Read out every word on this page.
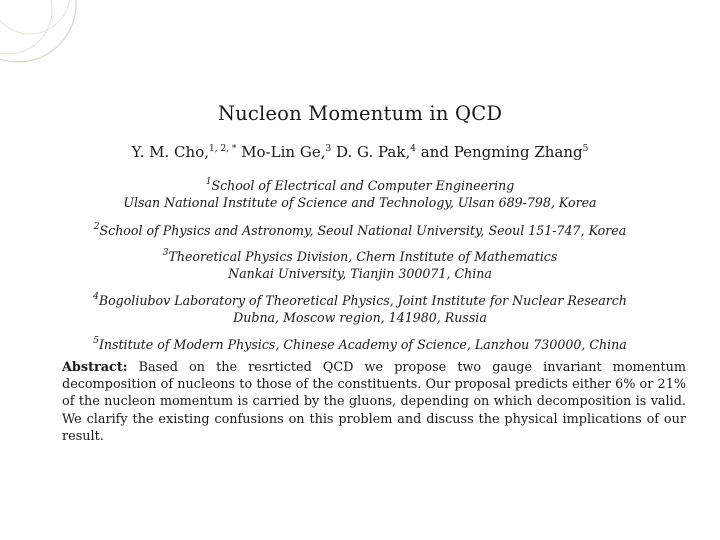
Nucleon Momentum in QCD
Y. M. Cho,$^{1, 2, *}$ Mo-Lin Ge,$^3$ D. G. Pak,$^4$ and Pengming Zhang$^5$
$^1$School of Electrical and Computer Engineering
Ulsan National Institute of Science and Technology, Ulsan 689-798, Korea
$^2$School of Physics and Astronomy, Seoul National University, Seoul 151-747, Korea
$^3$Theoretical Physics Division, Chern Institute of Mathematics
Nankai University, Tianjin 300071, China
$^4$Bogoliubov Laboratory of Theoretical Physics, Joint Institute for Nuclear Research
Dubna, Moscow region, 141980, Russia
$^5$Institute of Modern Physics, Chinese Academy of Science, Lanzhou 730000, China
Abstract: Based on the resrticted QCD we propose two gauge invariant momentum decomposition of nucleons to those of the constituents. Our proposal predicts either 6% or 21% of the nucleon momentum is carried by the gluons, depending on which decomposition is valid. We clarify the existing confusions on this problem and discuss the physical implications of our result.
